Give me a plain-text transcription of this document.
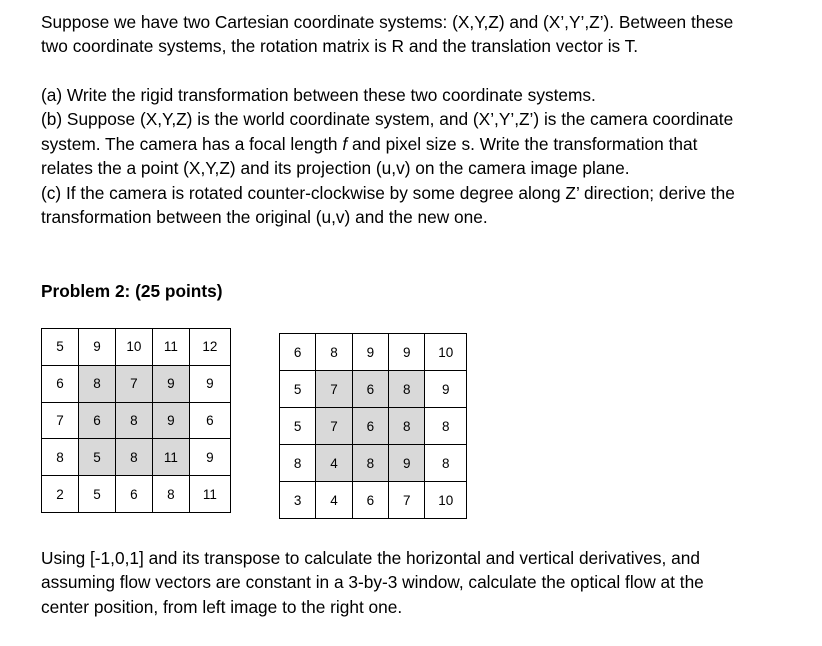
Suppose we have two Cartesian coordinate systems: (X,Y,Z) and (X’,Y’,Z’). Between these
two coordinate systems, the rotation matrix is R and the translation vector is T.
(a) Write the rigid transformation between these two coordinate systems.
(b) Suppose (X,Y,Z) is the world coordinate system, and (X’,Y’,Z’) is the camera coordinate
system. The camera has a focal length f and pixel size s. Write the transformation that
relates the a point (X,Y,Z) and its projection (u,v) on the camera image plane.
(c) If the camera is rotated counter-clockwise by some degree along Z’ direction; derive the
transformation between the original (u,v) and the new one.

Problem 2: (25 points)

5	9	10	11	12
6	8	7	9	9
7	6	8	9	6
8	5	8	11	9
2	5	6	8	11
6	8	9	9	10
5	7	6	8	9
5	7	6	8	8
8	4	8	9	8
3	4	6	7	10
Using [-1,0,1] and its transpose to calculate the horizontal and vertical derivatives, and
assuming flow vectors are constant in a 3-by-3 window, calculate the optical flow at the
center position, from left image to the right one.
